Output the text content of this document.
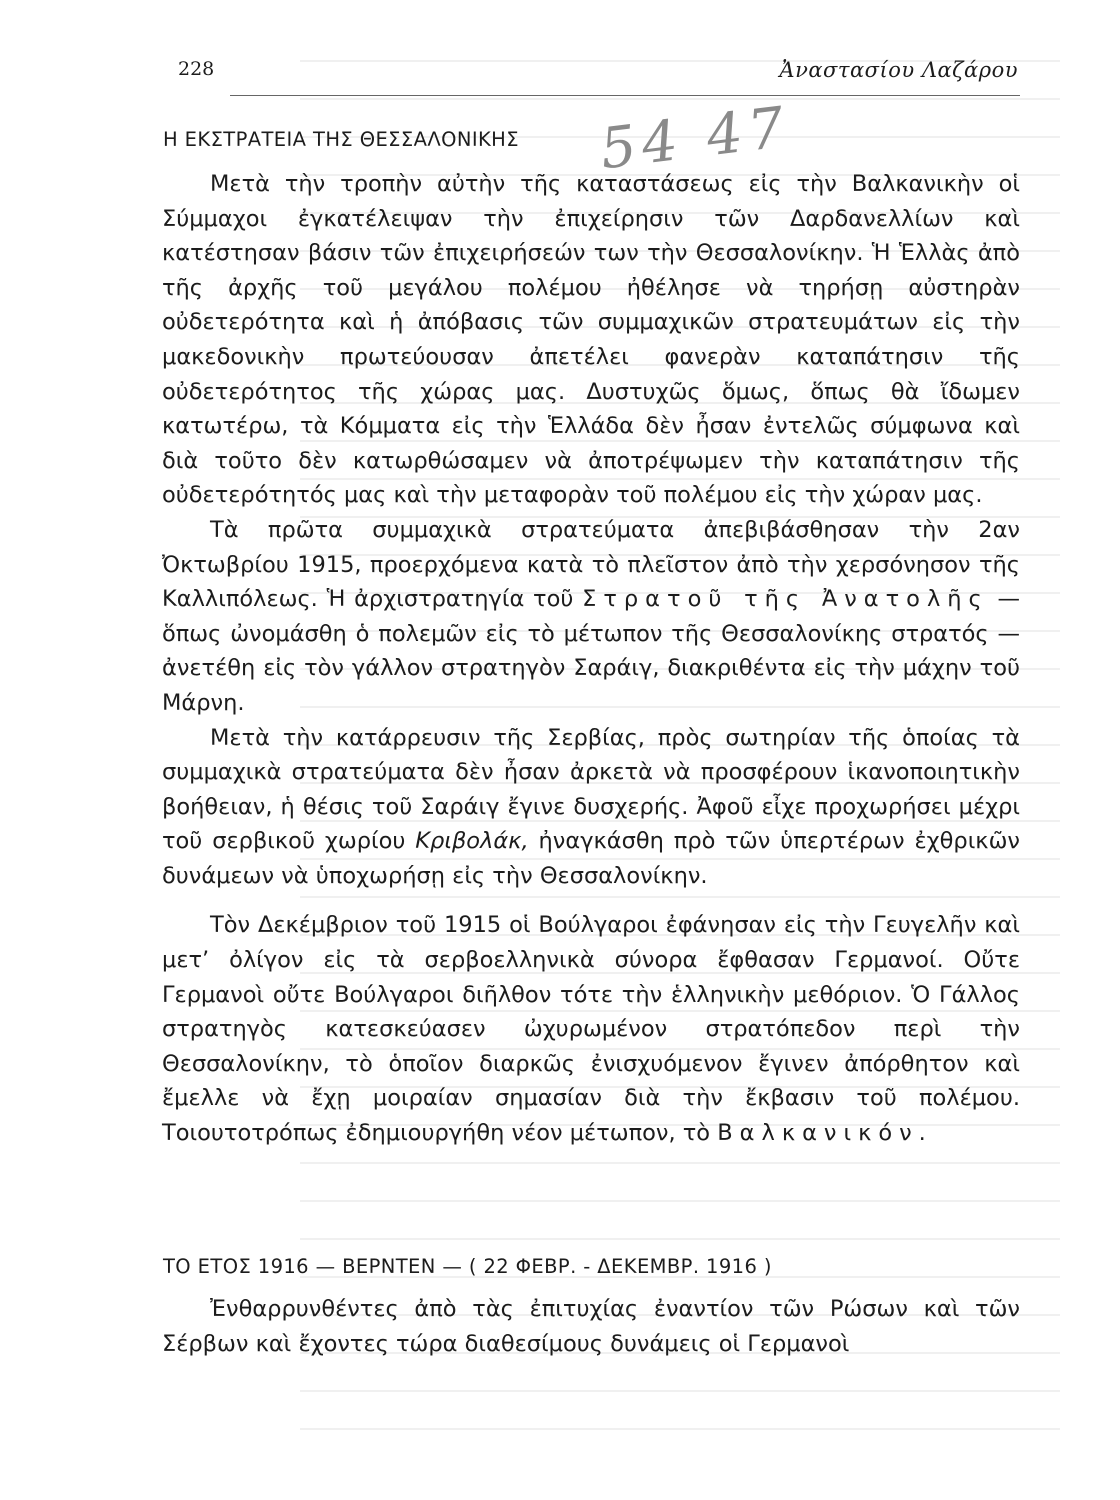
228	Ἀναστασίου Λαζάρου
54 47
Η ΕΚΣΤΡΑΤΕΙΑ ΤΗΣ ΘΕΣΣΑΛΟΝΙΚΗΣ

Μετὰ τὴν τροπὴν αὐτὴν τῆς καταστάσεως εἰς τὴν Βαλκανικὴν οἱ Σύμμαχοι ἐγκατέλειψαν τὴν ἐπιχείρησιν τῶν Δαρδανελλίων καὶ κατέστησαν βάσιν τῶν ἐπιχειρήσεών των τὴν Θεσσαλονίκην. Ἡ Ἑλλὰς ἀπὸ τῆς ἀρχῆς τοῦ μεγάλου πολέμου ἠθέλησε νὰ τηρήσῃ αὐστηρὰν οὐδετερότητα καὶ ἡ ἀπόβασις τῶν συμμαχικῶν στρατευμάτων εἰς τὴν μακεδονικὴν πρωτεύουσαν ἀπετέλει φανερὰν καταπάτησιν τῆς οὐδετερότητος τῆς χώρας μας. Δυστυχῶς ὅμως, ὅπως θὰ ἴδωμεν κατωτέρω, τὰ Κόμματα εἰς τὴν Ἑλλάδα δὲν ἦσαν ἐντελῶς σύμφωνα καὶ διὰ τοῦτο δὲν κατωρθώσαμεν νὰ ἀποτρέψωμεν τὴν καταπάτησιν τῆς οὐδετερότητός μας καὶ τὴν μεταφορὰν τοῦ πολέμου εἰς τὴν χώραν μας.

Τὰ πρῶτα συμμαχικὰ στρατεύματα ἀπεβιβάσθησαν τὴν 2αν Ὀκτωβρίου 1915, προερχόμενα κατὰ τὸ πλεῖστον ἀπὸ τὴν χερσόνησον τῆς Καλλιπόλεως. Ἡ ἀρχιστρατηγία τοῦ Στρατοῦ τῆς Ἀνατολῆς — ὅπως ὠνομάσθη ὁ πολεμῶν εἰς τὸ μέτωπον τῆς Θεσσαλονίκης στρατός — ἀνετέθη εἰς τὸν γάλλον στρατηγὸν Σαράιγ, διακριθέντα εἰς τὴν μάχην τοῦ Μάρνη.

Μετὰ τὴν κατάρρευσιν τῆς Σερβίας, πρὸς σωτηρίαν τῆς ὁποίας τὰ συμμαχικὰ στρατεύματα δὲν ἦσαν ἀρκετὰ νὰ προσφέρουν ἱκανοποιητικὴν βοήθειαν, ἡ θέσις τοῦ Σαράιγ ἔγινε δυσχερής. Ἀφοῦ εἶχε προχωρήσει μέχρι τοῦ σερβικοῦ χωρίου Κριβολάκ, ἠναγκάσθη πρὸ τῶν ὑπερτέρων ἐχθρικῶν δυνάμεων νὰ ὑποχωρήσῃ εἰς τὴν Θεσσαλονίκην.

Τὸν Δεκέμβριον τοῦ 1915 οἱ Βούλγαροι ἐφάνησαν εἰς τὴν Γευγελῆν καὶ μετ’ ὀλίγον εἰς τὰ σερβοελληνικὰ σύνορα ἔφθασαν Γερμανοί. Οὔτε Γερμανοὶ οὔτε Βούλγαροι διῆλθον τότε τὴν ἑλληνικὴν μεθόριον. Ὁ Γάλλος στρατηγὸς κατεσκεύασεν ὠχυρωμένον στρατόπεδον περὶ τὴν Θεσσαλονίκην, τὸ ὁποῖον διαρκῶς ἐνισχυόμενον ἔγινεν ἀπόρθητον καὶ ἔμελλε νὰ ἔχῃ μοιραίαν σημασίαν διὰ τὴν ἔκβασιν τοῦ πολέμου. Τοιουτοτρόπως ἐδημιουργήθη νέον μέτωπον, τὸ Βαλκανικόν.

ΤΟ ΕΤΟΣ 1916 — ΒΕΡΝΤΕΝ — ( 22 ΦΕΒΡ. - ΔΕΚΕΜΒΡ. 1916 )

Ἐνθαρρυνθέντες ἀπὸ τὰς ἐπιτυχίας ἐναντίον τῶν Ρώσων καὶ τῶν Σέρβων καὶ ἔχοντες τώρα διαθεσίμους δυνάμεις οἱ Γερμανοὶ
